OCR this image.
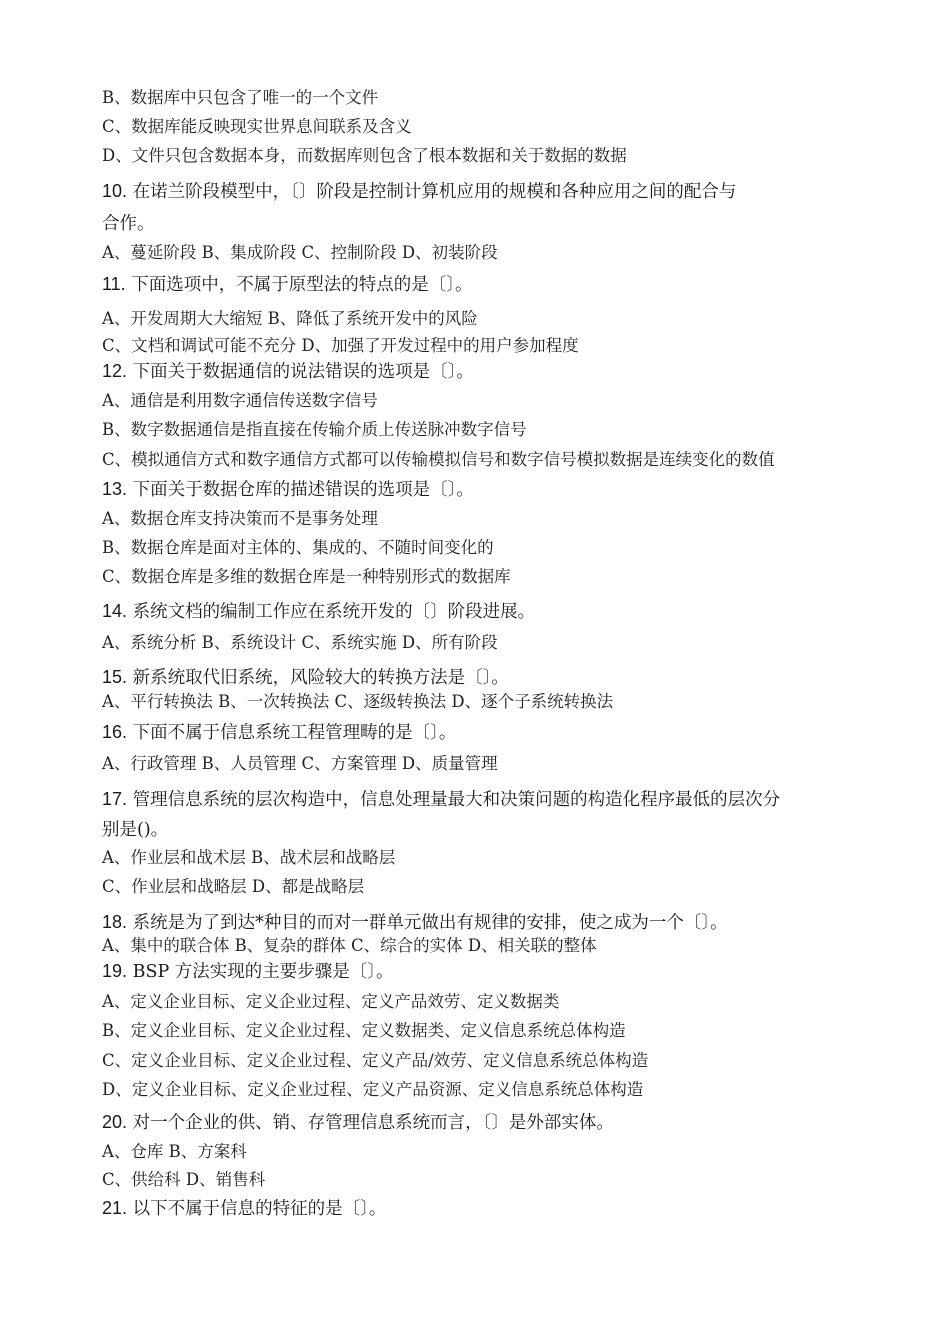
B、数据库中只包含了唯一的一个文件
C、数据库能反映现实世界息间联系及含义
D、文件只包含数据本身，而数据库则包含了根本数据和关于数据的数据
10. 在诺兰阶段模型中，〔〕阶段是控制计算机应用的规模和各种应用之间的配合与
合作。
A、蔓延阶段 B、集成阶段 C、控制阶段 D、初装阶段
11. 下面选项中，不属于原型法的特点的是〔〕。
A、开发周期大大缩短 B、降低了系统开发中的风险
C、文档和调试可能不充分 D、加强了开发过程中的用户参加程度
12. 下面关于数据通信的说法错误的选项是〔〕。
A、通信是利用数字通信传送数字信号
B、数字数据通信是指直接在传输介质上传送脉冲数字信号
C、模拟通信方式和数字通信方式都可以传输模拟信号和数字信号模拟数据是连续变化的数值
13. 下面关于数据仓库的描述错误的选项是〔〕。
A、数据仓库支持决策而不是事务处理
B、数据仓库是面对主体的、集成的、不随时间变化的
C、数据仓库是多维的数据仓库是一种特别形式的数据库
14. 系统文档的编制工作应在系统开发的〔〕阶段进展。
A、系统分析 B、系统设计 C、系统实施 D、所有阶段
15. 新系统取代旧系统，风险较大的转换方法是〔〕。
A、平行转换法 B、一次转换法 C、逐级转换法 D、逐个子系统转换法
16. 下面不属于信息系统工程管理畴的是〔〕。
A、行政管理 B、人员管理 C、方案管理 D、质量管理
17. 管理信息系统的层次构造中，信息处理量最大和决策问题的构造化程序最低的层次分
别是()。
A、作业层和战术层 B、战术层和战略层
C、作业层和战略层 D、都是战略层
18. 系统是为了到达*种目的而对一群单元做出有规律的安排，使之成为一个〔〕。
A、集中的联合体 B、复杂的群体 C、综合的实体 D、相关联的整体
19. BSP 方法实现的主要步骤是〔〕。
A、定义企业目标、定义企业过程、定义产品效劳、定义数据类
B、定义企业目标、定义企业过程、定义数据类、定义信息系统总体构造
C、定义企业目标、定义企业过程、定义产品/效劳、定义信息系统总体构造
D、定义企业目标、定义企业过程、定义产品资源、定义信息系统总体构造
20. 对一个企业的供、销、存管理信息系统而言，〔〕是外部实体。
A、仓库 B、方案科
C、供给科 D、销售科
21. 以下不属于信息的特征的是〔〕。
